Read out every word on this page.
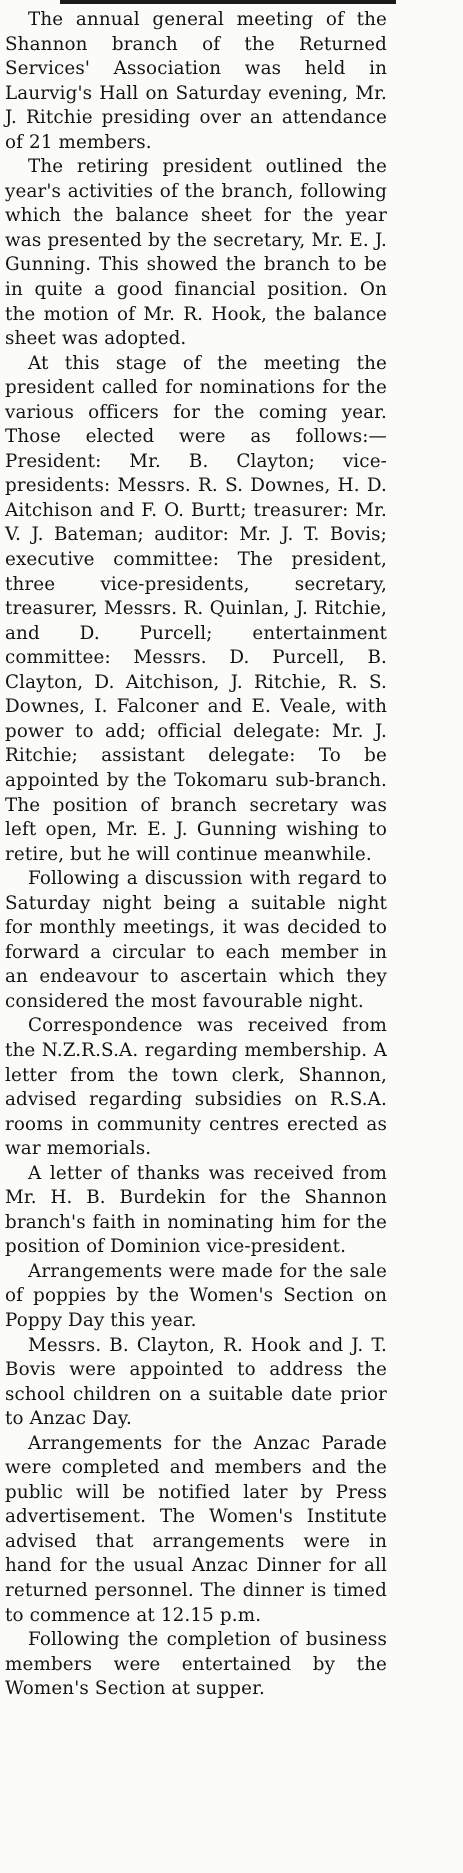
The annual general meeting of the Shannon branch of the Returned Services' Association was held in Laurvig's Hall on Saturday evening, Mr. J. Ritchie presiding over an attendance of 21 members.

The retiring president outlined the year's activities of the branch, following which the balance sheet for the year was presented by the secretary, Mr. E. J. Gunning. This showed the branch to be in quite a good financial position. On the motion of Mr. R. Hook, the balance sheet was adopted.

At this stage of the meeting the president called for nominations for the various officers for the coming year. Those elected were as follows:—President: Mr. B. Clayton; vice-presidents: Messrs. R. S. Downes, H. D. Aitchison and F. O. Burtt; treasurer: Mr. V. J. Bateman; auditor: Mr. J. T. Bovis; executive committee: The president, three vice-presidents, secretary, treasurer, Messrs. R. Quinlan, J. Ritchie, and D. Purcell; entertainment committee: Messrs. D. Purcell, B. Clayton, D. Aitchison, J. Ritchie, R. S. Downes, I. Falconer and E. Veale, with power to add; official delegate: Mr. J. Ritchie; assistant delegate: To be appointed by the Tokomaru sub-branch. The position of branch secretary was left open, Mr. E. J. Gunning wishing to retire, but he will continue meanwhile.

Following a discussion with regard to Saturday night being a suitable night for monthly meetings, it was decided to forward a circular to each member in an endeavour to ascertain which they considered the most favourable night.

Correspondence was received from the N.Z.R.S.A. regarding membership. A letter from the town clerk, Shannon, advised regarding subsidies on R.S.A. rooms in community centres erected as war memorials.

A letter of thanks was received from Mr. H. B. Burdekin for the Shannon branch's faith in nominating him for the position of Dominion vice-president.

Arrangements were made for the sale of poppies by the Women's Section on Poppy Day this year.

Messrs. B. Clayton, R. Hook and J. T. Bovis were appointed to address the school children on a suitable date prior to Anzac Day.

Arrangements for the Anzac Parade were completed and members and the public will be notified later by Press advertisement. The Women's Institute advised that arrangements were in hand for the usual Anzac Dinner for all returned personnel. The dinner is timed to commence at 12.15 p.m.

Following the completion of business members were entertained by the Women's Section at supper.
